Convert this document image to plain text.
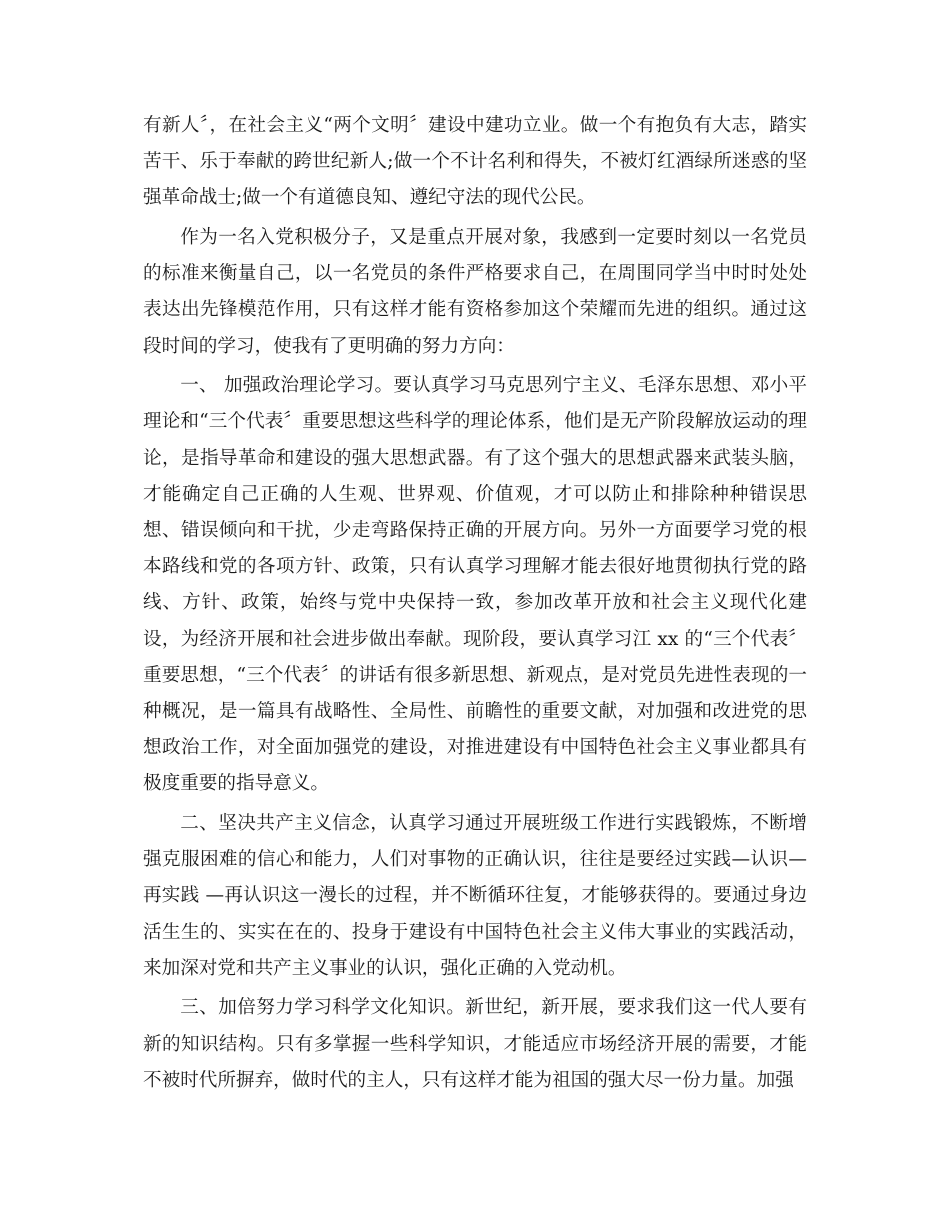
有新人〞，在社会主义“两个文明〞建设中建功立业。做一个有抱负有大志，踏实苦干、乐于奉献的跨世纪新人;做一个不计名利和得失，不被灯红酒绿所迷惑的坚强革命战士;做一个有道德良知、遵纪守法的现代公民。

作为一名入党积极分子，又是重点开展对象，我感到一定要时刻以一名党员的标准来衡量自己，以一名党员的条件严格要求自己，在周围同学当中时时处处表达出先锋模范作用，只有这样才能有资格参加这个荣耀而先进的组织。通过这段时间的学习，使我有了更明确的努力方向：

一、 加强政治理论学习。要认真学习马克思列宁主义、毛泽东思想、邓小平理论和“三个代表〞重要思想这些科学的理论体系，他们是无产阶段解放运动的理论，是指导革命和建设的强大思想武器。有了这个强大的思想武器来武装头脑，才能确定自己正确的人生观、世界观、价值观，才可以防止和排除种种错误思想、错误倾向和干扰，少走弯路保持正确的开展方向。另外一方面要学习党的根本路线和党的各项方针、政策，只有认真学习理解才能去很好地贯彻执行党的路线、方针、政策，始终与党中央保持一致，参加改革开放和社会主义现代化建设，为经济开展和社会进步做出奉献。现阶段，要认真学习江 xx 的“三个代表〞重要思想，“三个代表〞的讲话有很多新思想、新观点，是对党员先进性表现的一种概况，是一篇具有战略性、全局性、前瞻性的重要文献，对加强和改进党的思想政治工作，对全面加强党的建设，对推进建设有中国特色社会主义事业都具有极度重要的指导意义。

二、坚决共产主义信念，认真学习通过开展班级工作进行实践锻炼，不断增强克服困难的信心和能力，人们对事物的正确认识，往往是要经过实践—认识—再实践 —再认识这一漫长的过程，并不断循环往复，才能够获得的。要通过身边活生生的、实实在在的、投身于建设有中国特色社会主义伟大事业的实践活动，来加深对党和共产主义事业的认识，强化正确的入党动机。

三、加倍努力学习科学文化知识。新世纪，新开展，要求我们这一代人要有新的知识结构。只有多掌握一些科学知识，才能适应市场经济开展的需要，才能不被时代所摒弃，做时代的主人，只有这样才能为祖国的强大尽一份力量。加强
